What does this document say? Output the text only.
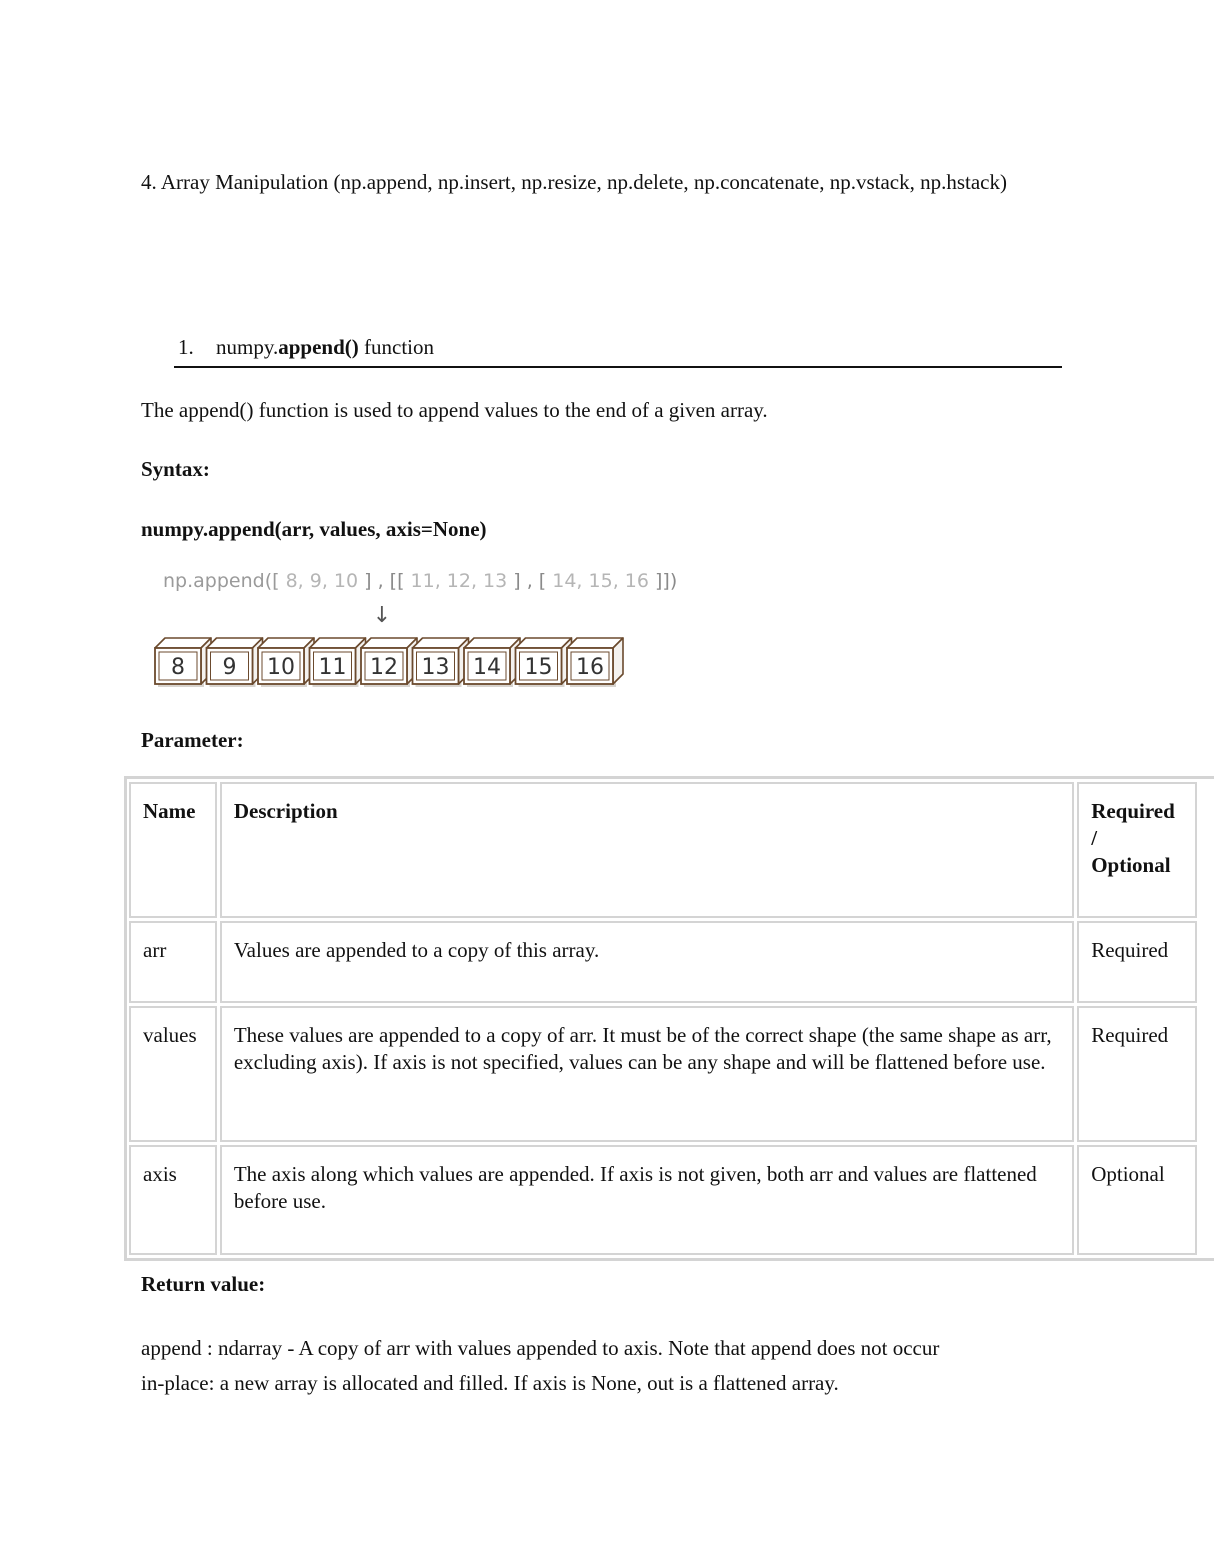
4. Array Manipulation (np.append, np.insert, np.resize, np.delete, np.concatenate, np.vstack, np.hstack)
1. numpy.append() function
The append() function is used to append values to the end of a given array.
Syntax:
numpy.append(arr, values, axis=None)
np.append([ 8, 9, 10 ] , [[ 11, 12, 13 ] , [ 14, 15, 16 ]])
↓
8 9 10 11 12 13 14 15 16
Parameter:
Name	Description	Required
/
Optional

arr	Values are appended to a copy of this array.	Required
values	These values are appended to a copy of arr. It must be of the correct shape (the same shape as arr, excluding axis). If axis is not specified, values can be any shape and will be flattened before use.	Required
axis	The axis along which values are appended. If axis is not given, both arr and values are flattened before use.	Optional
Return value:
append : ndarray - A copy of arr with values appended to axis. Note that append does not occur
in-place: a new array is allocated and filled. If axis is None, out is a flattened array.
